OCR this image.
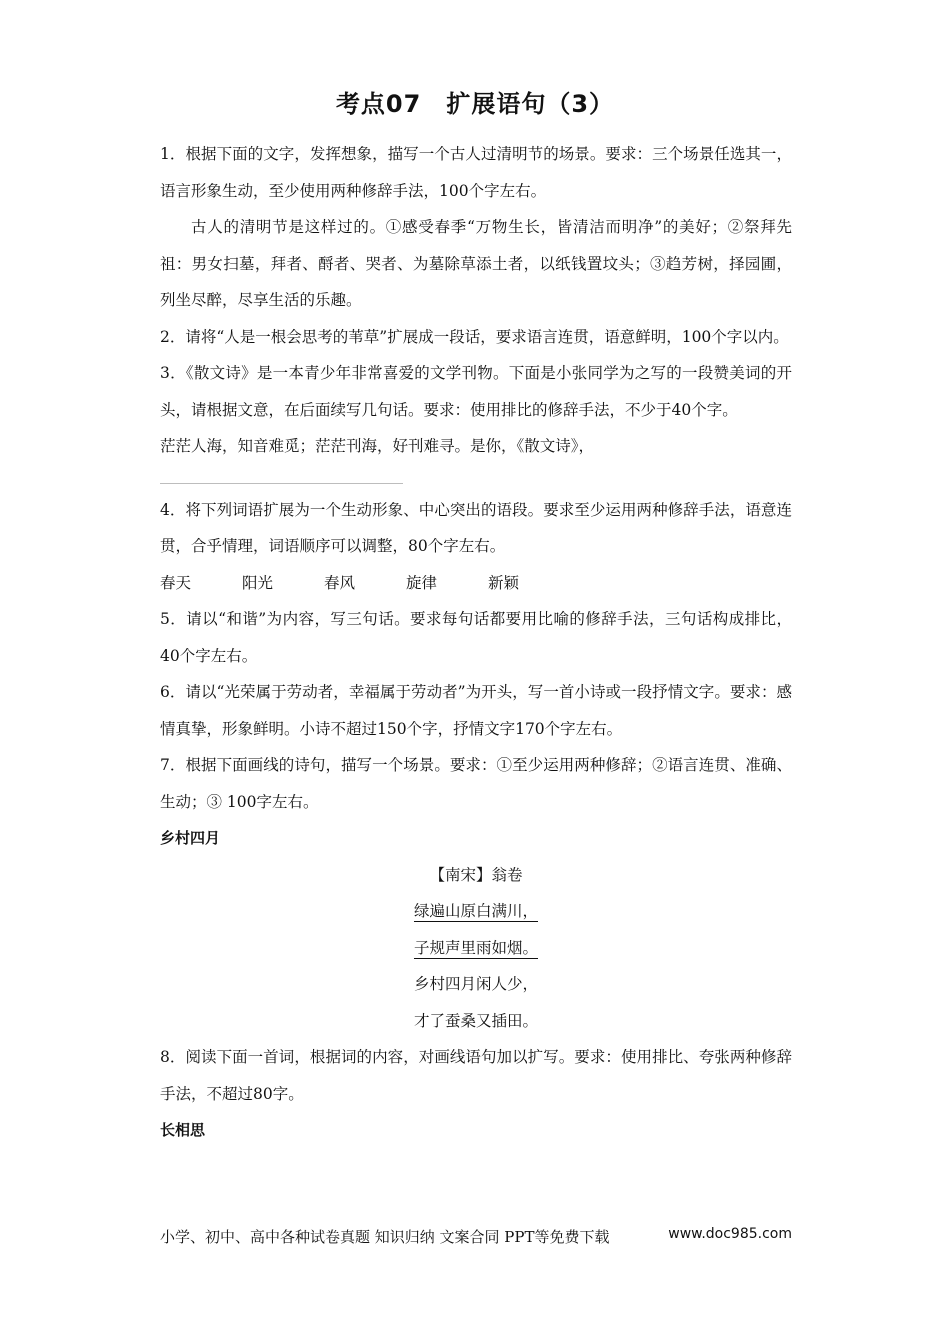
考点07　扩展语句（3）

1．根据下面的文字，发挥想象，描写一个古人过清明节的场景。要求：三个场景任选其一，语言形象生动，至少使用两种修辞手法，100个字左右。

古人的清明节是这样过的。①感受春季“万物生长，皆清洁而明净”的美好；②祭拜先祖：男女扫墓，拜者、酹者、哭者、为墓除草添土者，以纸钱置坟头；③趋芳树，择园圃，列坐尽醉，尽享生活的乐趣。

2．请将“人是一根会思考的苇草”扩展成一段话，要求语言连贯，语意鲜明，100个字以内。

3．《散文诗》是一本青少年非常喜爱的文学刊物。下面是小张同学为之写的一段赞美词的开头，请根据文意，在后面续写几句话。要求：使用排比的修辞手法，不少于40个字。

茫茫人海，知音难觅；茫茫刊海，好刊难寻。是你，《散文诗》，

4．将下列词语扩展为一个生动形象、中心突出的语段。要求至少运用两种修辞手法，语意连贯，合乎情理，词语顺序可以调整，80个字左右。

春天	阳光	春风	旋律	新颖

5．请以“和谐”为内容，写三句话。要求每句话都要用比喻的修辞手法，三句话构成排比，40个字左右。

6．请以“光荣属于劳动者，幸福属于劳动者”为开头，写一首小诗或一段抒情文字。要求：感情真挚，形象鲜明。小诗不超过150个字，抒情文字170个字左右。

7．根据下面画线的诗句，描写一个场景。要求：①至少运用两种修辞；②语言连贯、准确、生动；③ 100字左右。

乡村四月

【南宋】翁卷

绿遍山原白满川，

子规声里雨如烟。

乡村四月闲人少，

才了蚕桑又插田。

8．阅读下面一首词，根据词的内容，对画线语句加以扩写。要求：使用排比、夸张两种修辞手法，不超过80字。

长相思

小学、初中、高中各种试卷真题 知识归纳 文案合同 PPT等免费下载	www.doc985.com
